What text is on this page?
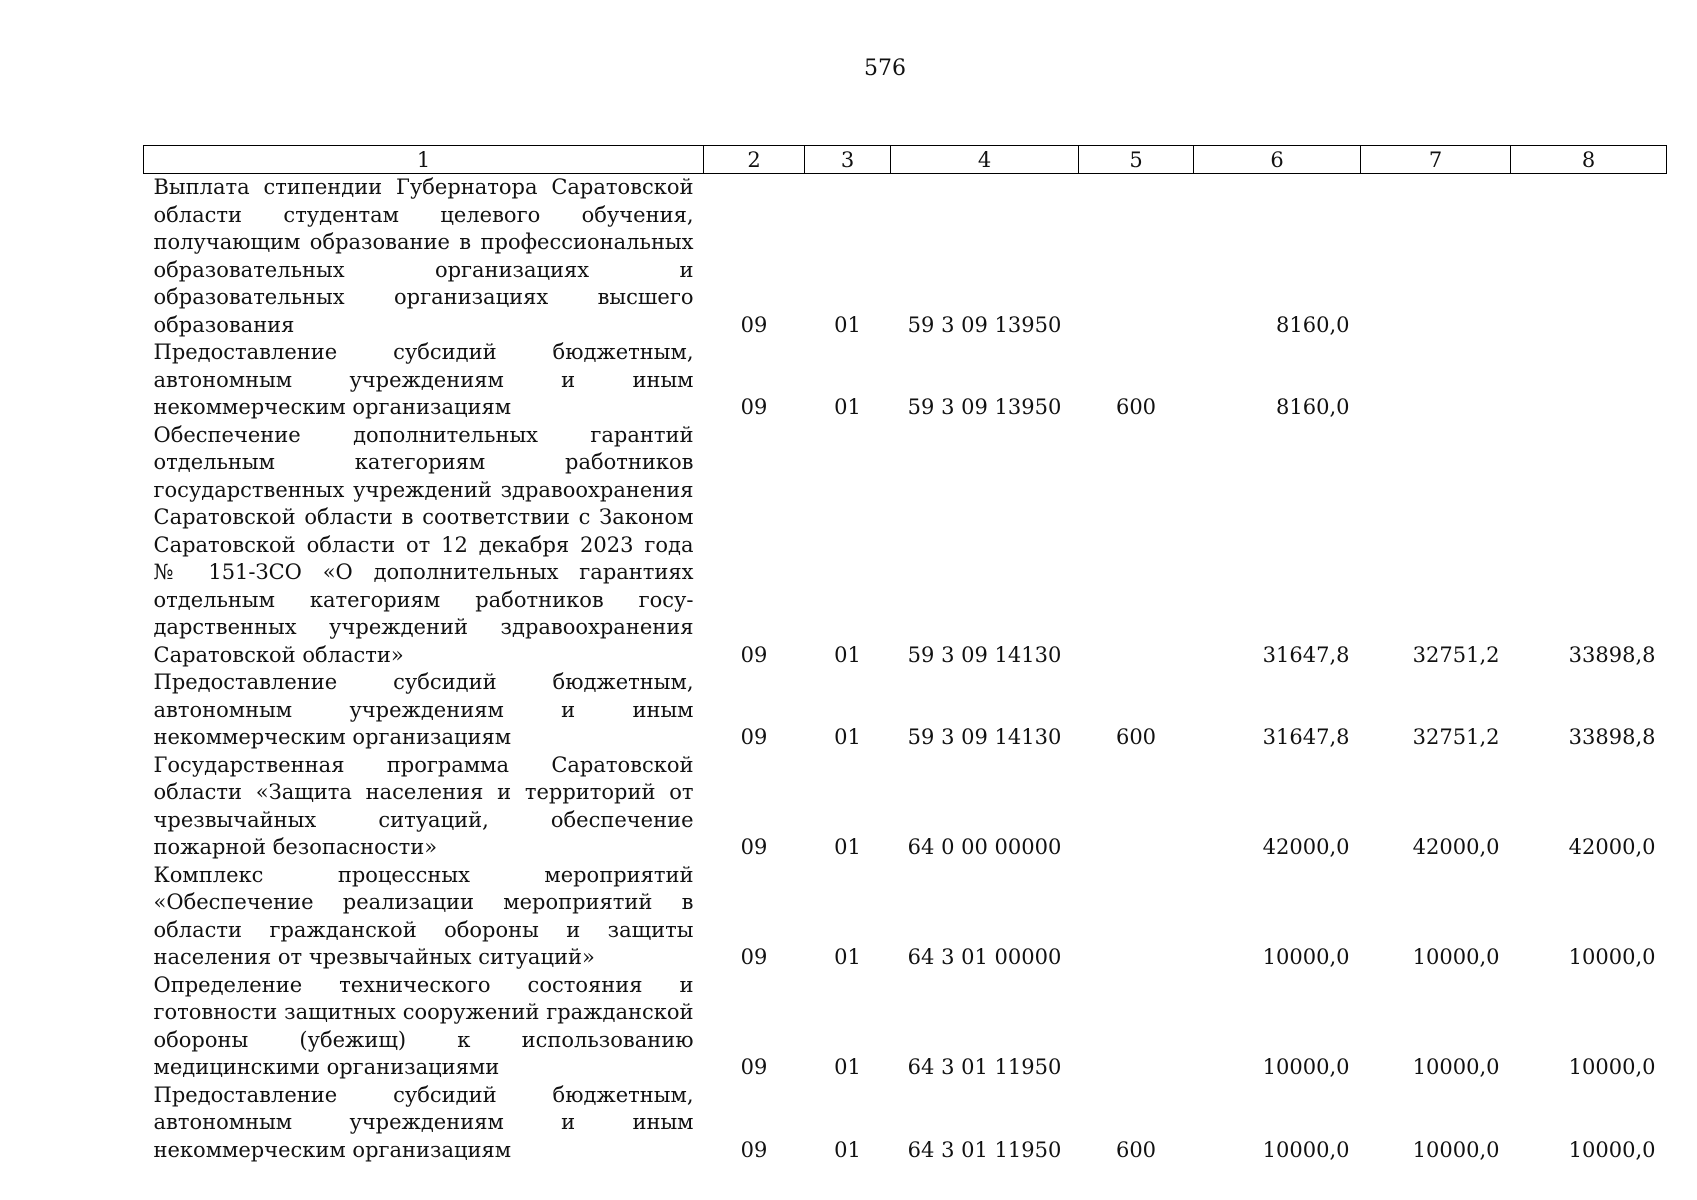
576
1	2	3	4	5	6	7	8
Выплата стипендии Губернатора Саратовской области студентам целевого обучения, получающим образование в профессиональных образовательных организациях и образовательных организациях высшего образования	09	01	59 3 09 13950		8160,0		
Предоставление субсидий бюджетным, автономным учреждениям и иным некоммерческим организациям	09	01	59 3 09 13950	600	8160,0		
Обеспечение дополнительных гарантий отдельным категориям работников государственных учреждений здравоохранения Саратовской области в соответствии с Законом Саратовской области от 12 декабря 2023 года № 151-ЗСО «О дополнительных гарантиях отдельным категориям работников государственных учреждений здравоохранения Саратовской области»	09	01	59 3 09 14130		31647,8	32751,2	33898,8
Предоставление субсидий бюджетным, автономным учреждениям и иным некоммерческим организациям	09	01	59 3 09 14130	600	31647,8	32751,2	33898,8
Государственная программа Саратовской области «Защита населения и территорий от чрезвычайных ситуаций, обеспечение пожарной безопасности»	09	01	64 0 00 00000		42000,0	42000,0	42000,0
Комплекс процессных мероприятий «Обеспечение реализации мероприятий в области гражданской обороны и защиты населения от чрезвычайных ситуаций»	09	01	64 3 01 00000		10000,0	10000,0	10000,0
Определение технического состояния и готовности защитных сооружений гражданской обороны (убежищ) к использованию медицинскими организациями	09	01	64 3 01 11950		10000,0	10000,0	10000,0
Предоставление субсидий бюджетным, автономным учреждениям и иным некоммерческим организациям	09	01	64 3 01 11950	600	10000,0	10000,0	10000,0
